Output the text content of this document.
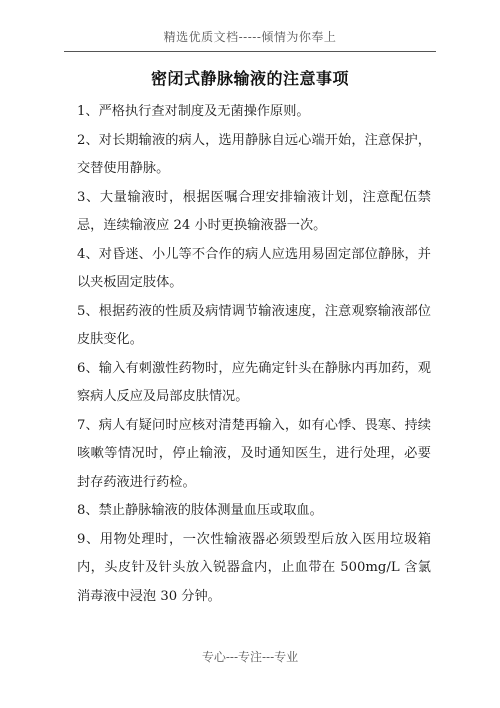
精选优质文档-----倾情为你奉上
密闭式静脉输液的注意事项

1、严格执行查对制度及无菌操作原则。

2、对长期输液的病人，选用静脉自远心端开始，注意保护，交替使用静脉。

3、大量输液时，根据医嘱合理安排输液计划，注意配伍禁忌，连续输液应 24 小时更换输液器一次。

4、对昏迷、小儿等不合作的病人应选用易固定部位静脉，并以夹板固定肢体。

5、根据药液的性质及病情调节输液速度，注意观察输液部位皮肤变化。

6、输入有刺激性药物时，应先确定针头在静脉内再加药，观察病人反应及局部皮肤情况。

7、病人有疑问时应核对清楚再输入，如有心悸、畏寒、持续咳嗽等情况时，停止输液，及时通知医生，进行处理，必要封存药液进行药检。

8、禁止静脉输液的肢体测量血压或取血。

9、用物处理时，一次性输液器必须毁型后放入医用垃圾箱内，头皮针及针头放入锐器盒内，止血带在 500mg/L 含氯消毒液中浸泡 30 分钟。

专心---专注---专业
